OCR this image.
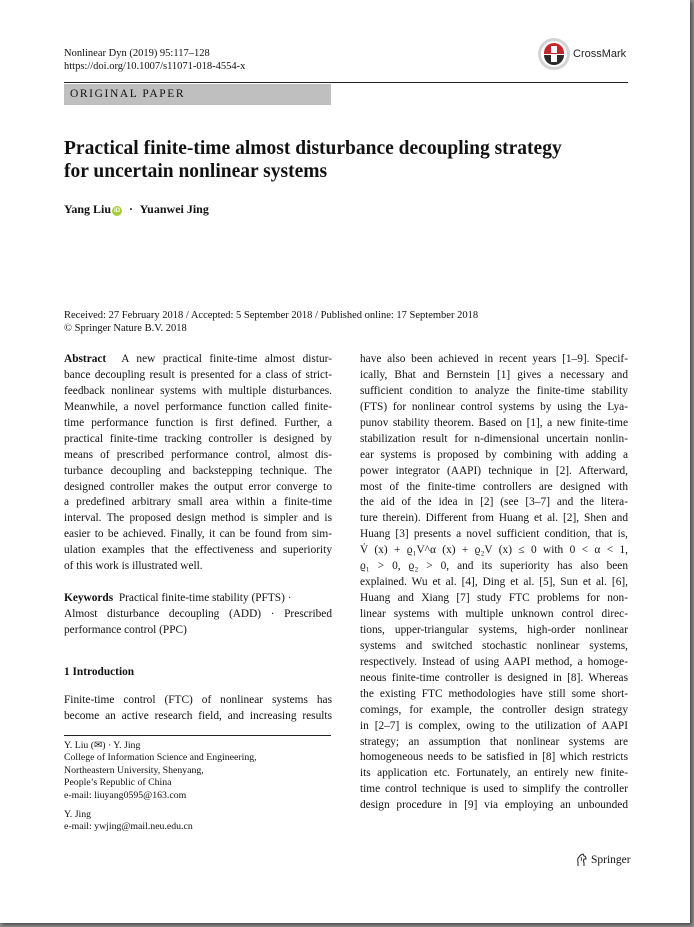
Nonlinear Dyn (2019) 95:117–128
https://doi.org/10.1007/s11071-018-4554-x
CrossMark
ORIGINAL PAPER
Practical finite-time almost disturbance decoupling strategy
for uncertain nonlinear systems
Yang Liu iD · Yuanwei Jing
Received: 27 February 2018 / Accepted: 5 September 2018 / Published online: 17 September 2018
© Springer Nature B.V. 2018
Abstract A new practical finite-time almost distur-
bance decoupling result is presented for a class of strict-
feedback nonlinear systems with multiple disturbances.
Meanwhile, a novel performance function called finite-
time performance function is first defined. Further, a
practical finite-time tracking controller is designed by
means of prescribed performance control, almost dis-
turbance decoupling and backstepping technique. The
designed controller makes the output error converge to
a predefined arbitrary small area within a finite-time
interval. The proposed design method is simpler and is
easier to be achieved. Finally, it can be found from sim-
ulation examples that the effectiveness and superiority
of this work is illustrated well.
Keywords Practical finite-time stability (PFTS) ·
Almost disturbance decoupling (ADD) · Prescribed
performance control (PPC)
1 Introduction
Finite-time control (FTC) of nonlinear systems has
become an active research field, and increasing results
Y. Liu (✉) · Y. Jing
College of Information Science and Engineering,
Northeastern University, Shenyang,
People’s Republic of China
e-mail: liuyang0595@163.com
Y. Jing
e-mail: ywjing@mail.neu.edu.cn
have also been achieved in recent years [1–9]. Specif-
ically, Bhat and Bernstein [1] gives a necessary and
sufficient condition to analyze the finite-time stability
(FTS) for nonlinear control systems by using the Lya-
punov stability theorem. Based on [1], a new finite-time
stabilization result for n-dimensional uncertain nonlin-
ear systems is proposed by combining with adding a
power integrator (AAPI) technique in [2]. Afterward,
most of the finite-time controllers are designed with
the aid of the idea in [2] (see [3–7] and the litera-
ture therein). Different from Huang et al. [2], Shen and
Huang [3] presents a novel sufficient condition, that is,
V̇ (x) + ϱ₁V^α (x) + ϱ₂V (x) ≤ 0 with 0 < α < 1,
ϱ₁ > 0, ϱ₂ > 0, and its superiority has also been
explained. Wu et al. [4], Ding et al. [5], Sun et al. [6],
Huang and Xiang [7] study FTC problems for non-
linear systems with multiple unknown control direc-
tions, upper-triangular systems, high-order nonlinear
systems and switched stochastic nonlinear systems,
respectively. Instead of using AAPI method, a homoge-
neous finite-time controller is designed in [8]. Whereas
the existing FTC methodologies have still some short-
comings, for example, the controller design strategy
in [2–7] is complex, owing to the utilization of AAPI
strategy; an assumption that nonlinear systems are
homogeneous needs to be satisfied in [8] which restricts
its application etc. Fortunately, an entirely new finite-
time control technique is used to simplify the controller
design procedure in [9] via employing an unbounded
Springer
